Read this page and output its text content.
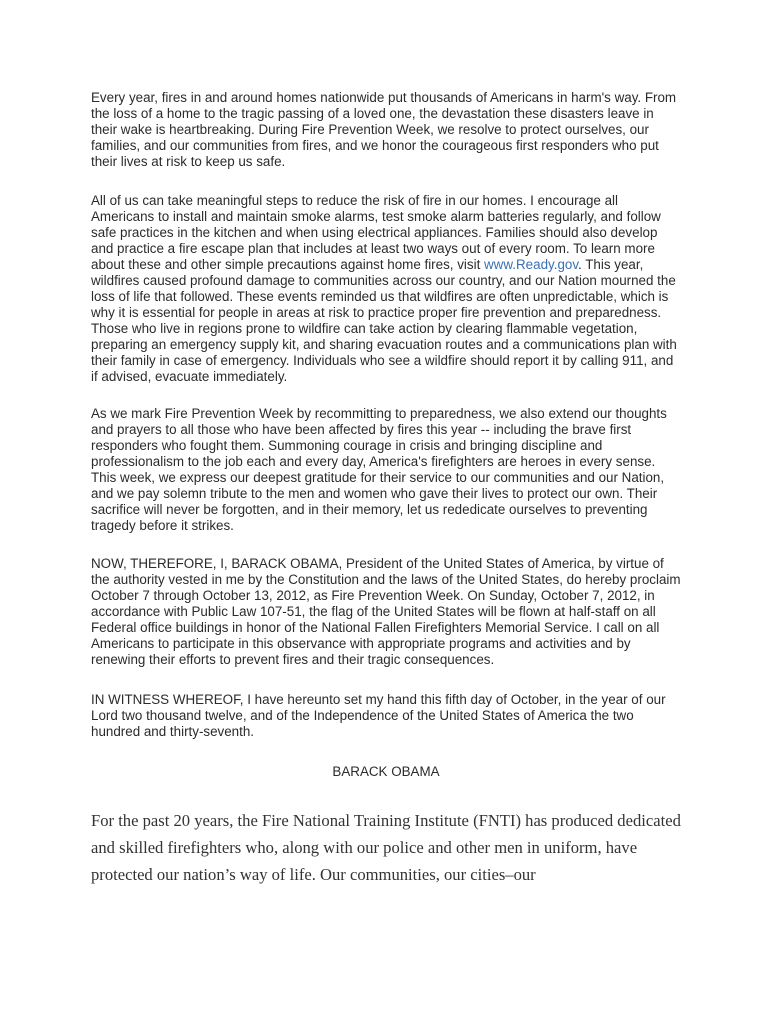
Every year, fires in and around homes nationwide put thousands of Americans in harm's way. From the loss of a home to the tragic passing of a loved one, the devastation these disasters leave in their wake is heartbreaking. During Fire Prevention Week, we resolve to protect ourselves, our families, and our communities from fires, and we honor the courageous first responders who put their lives at risk to keep us safe.

All of us can take meaningful steps to reduce the risk of fire in our homes. I encourage all Americans to install and maintain smoke alarms, test smoke alarm batteries regularly, and follow safe practices in the kitchen and when using electrical appliances. Families should also develop and practice a fire escape plan that includes at least two ways out of every room. To learn more about these and other simple precautions against home fires, visit www.Ready.gov. This year, wildfires caused profound damage to communities across our country, and our Nation mourned the loss of life that followed. These events reminded us that wildfires are often unpredictable, which is why it is essential for people in areas at risk to practice proper fire prevention and preparedness. Those who live in regions prone to wildfire can take action by clearing flammable vegetation, preparing an emergency supply kit, and sharing evacuation routes and a communications plan with their family in case of emergency. Individuals who see a wildfire should report it by calling 911, and if advised, evacuate immediately.

As we mark Fire Prevention Week by recommitting to preparedness, we also extend our thoughts and prayers to all those who have been affected by fires this year -- including the brave first responders who fought them. Summoning courage in crisis and bringing discipline and professionalism to the job each and every day, America's firefighters are heroes in every sense. This week, we express our deepest gratitude for their service to our communities and our Nation, and we pay solemn tribute to the men and women who gave their lives to protect our own. Their sacrifice will never be forgotten, and in their memory, let us rededicate ourselves to preventing tragedy before it strikes.

NOW, THEREFORE, I, BARACK OBAMA, President of the United States of America, by virtue of the authority vested in me by the Constitution and the laws of the United States, do hereby proclaim October 7 through October 13, 2012, as Fire Prevention Week. On Sunday, October 7, 2012, in accordance with Public Law 107-51, the flag of the United States will be flown at half-staff on all Federal office buildings in honor of the National Fallen Firefighters Memorial Service. I call on all Americans to participate in this observance with appropriate programs and activities and by renewing their efforts to prevent fires and their tragic consequences.

IN WITNESS WHEREOF, I have hereunto set my hand this fifth day of October, in the year of our Lord two thousand twelve, and of the Independence of the United States of America the two hundred and thirty-seventh.

BARACK OBAMA

For the past 20 years, the Fire National Training Institute (FNTI) has produced dedicated and skilled firefighters who, along with our police and other men in uniform, have protected our nation’s way of life. Our communities, our cities–our
